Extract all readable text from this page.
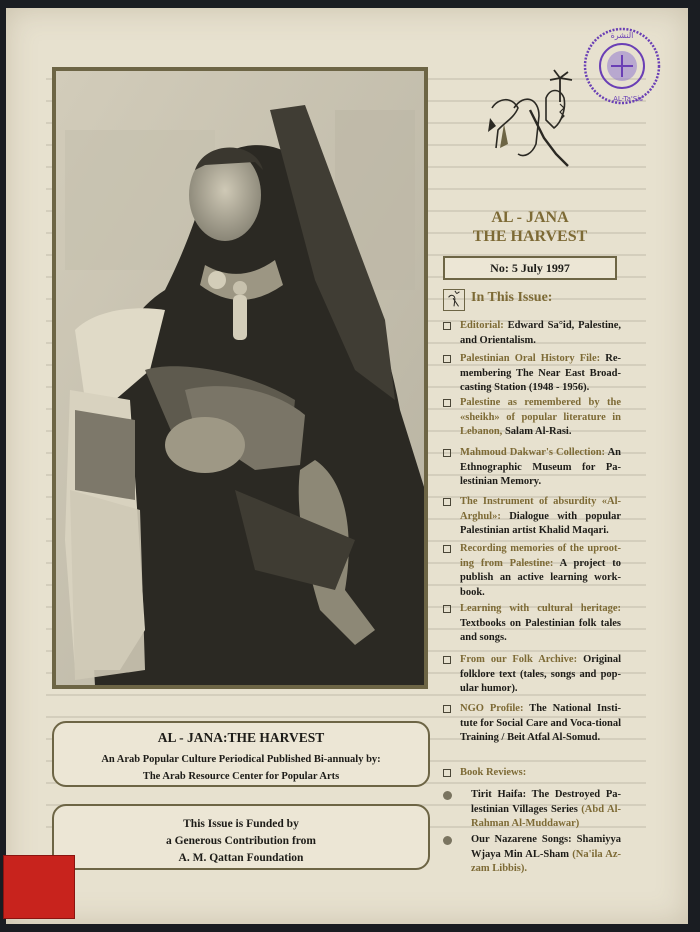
النشرة
AL-Ta'Sis
AL - JANA
THE HARVEST
No: 5 July 1997
In This Issue:
Editorial: Edward Sa°id, Palestine, and Orientalism.
Palestinian Oral History File: Re-membering The Near East Broad-casting Station (1948 - 1956).
Palestine as remembered by the «sheikh» of popular literature in Lebanon, Salam Al-Rasi.
Mahmoud Dakwar's Collection: An Ethnographic Museum for Pa-lestinian Memory.
The Instrument of absurdity «Al-Arghul»: Dialogue with popular Palestinian artist Khalid Maqari.
Recording memories of the uproot-ing from Palestine: A project to publish an active learning work-book.
Learning with cultural heritage: Textbooks on Palestinian folk tales and songs.
From our Folk Archive: Original folklore text (tales, songs and pop-ular humor).
NGO Profile: The National Insti-tute for Social Care and Voca-tional Training / Beit Atfal Al-Somud.
Book Reviews:
Tirit Haifa: The Destroyed Pa-lestinian Villages Series (Abd Al-Rahman Al-Muddawar)
Our Nazarene Songs: Shamiyya Wjaya Min AL-Sham (Na'ila Az-zam Libbis).
AL - JANA:THE HARVEST
An Arab Popular Culture Periodical Published Bi-annualy by:
The Arab Resource Center for Popular Arts
This Issue is Funded by
a Generous Contribution from
A. M. Qattan Foundation
